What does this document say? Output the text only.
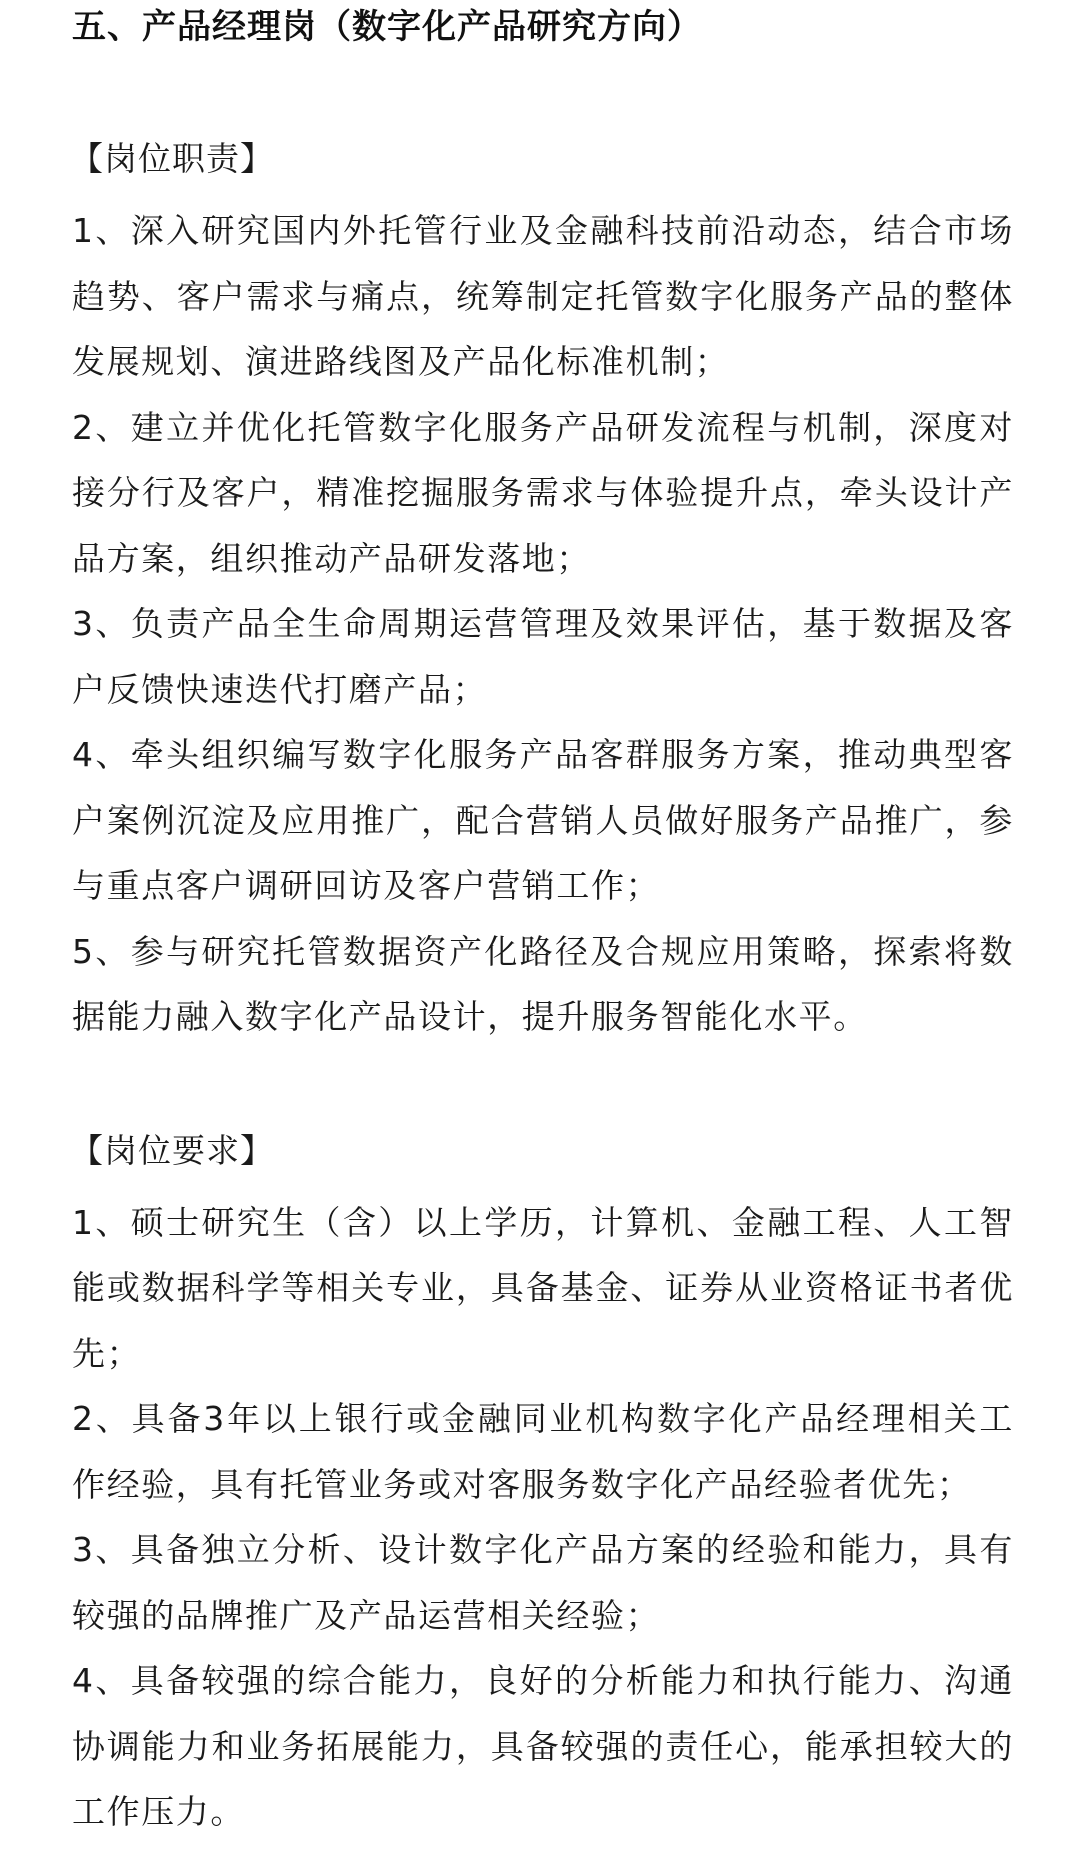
五、产品经理岗（数字化产品研究方向）
【岗位职责】
1、深入研究国内外托管行业及金融科技前沿动态，结合市场趋势、客户需求与痛点，统筹制定托管数字化服务产品的整体发展规划、演进路线图及产品化标准机制；
2、建立并优化托管数字化服务产品研发流程与机制，深度对接分行及客户，精准挖掘服务需求与体验提升点，牵头设计产品方案，组织推动产品研发落地；
3、负责产品全生命周期运营管理及效果评估，基于数据及客户反馈快速迭代打磨产品；
4、牵头组织编写数字化服务产品客群服务方案，推动典型客户案例沉淀及应用推广，配合营销人员做好服务产品推广，参与重点客户调研回访及客户营销工作；
5、参与研究托管数据资产化路径及合规应用策略，探索将数据能力融入数字化产品设计，提升服务智能化水平。
【岗位要求】
1、硕士研究生（含）以上学历，计算机、金融工程、人工智能或数据科学等相关专业，具备基金、证券从业资格证书者优先；
2、具备3年以上银行或金融同业机构数字化产品经理相关工作经验，具有托管业务或对客服务数字化产品经验者优先；
3、具备独立分析、设计数字化产品方案的经验和能力，具有较强的品牌推广及产品运营相关经验；
4、具备较强的综合能力，良好的分析能力和执行能力、沟通协调能力和业务拓展能力，具备较强的责任心，能承担较大的工作压力。
